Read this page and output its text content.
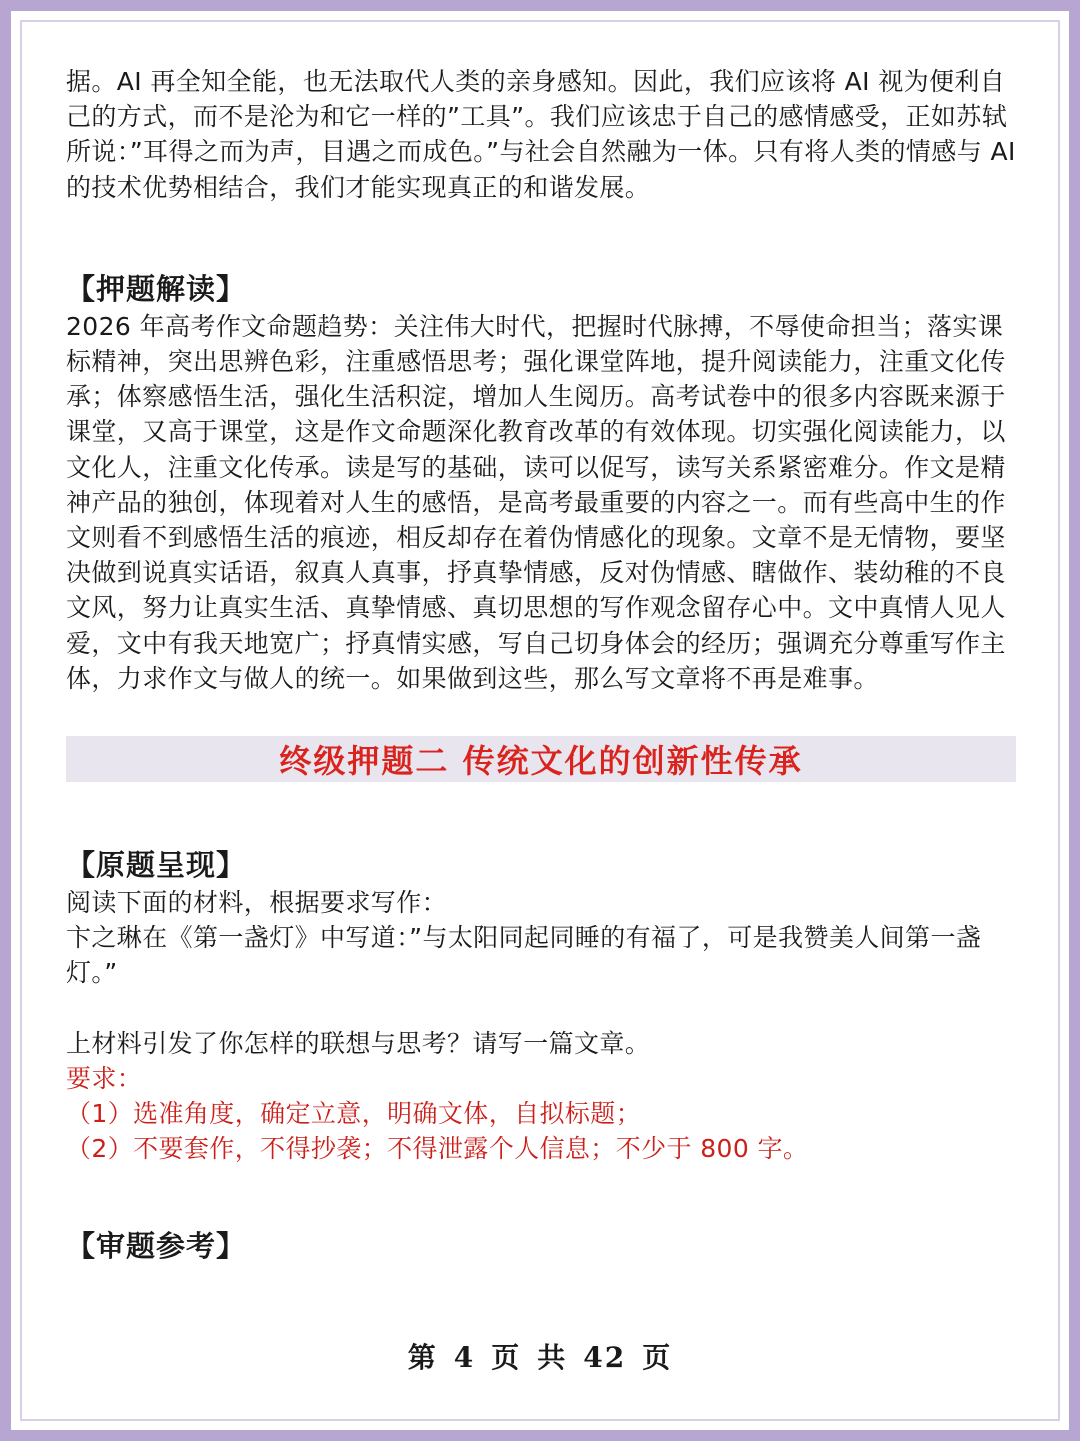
据。AI 再全知全能，也无法取代人类的亲身感知。因此，我们应该将 AI 视为便利自己的方式，而不是沦为和它一样的”工具”。我们应该忠于自己的感情感受，正如苏轼所说：”耳得之而为声，目遇之而成色。”与社会自然融为一体。只有将人类的情感与 AI 的技术优势相结合，我们才能实现真正的和谐发展。

【押题解读】

2026 年高考作文命题趋势：关注伟大时代，把握时代脉搏，不辱使命担当；落实课标精神，突出思辨色彩，注重感悟思考；强化课堂阵地，提升阅读能力，注重文化传承；体察感悟生活，强化生活积淀，增加人生阅历。高考试卷中的很多内容既来源于课堂，又高于课堂，这是作文命题深化教育改革的有效体现。切实强化阅读能力，以文化人，注重文化传承。读是写的基础，读可以促写，读写关系紧密难分。作文是精神产品的独创，体现着对人生的感悟，是高考最重要的内容之一。而有些高中生的作文则看不到感悟生活的痕迹，相反却存在着伪情感化的现象。文章不是无情物，要坚决做到说真实话语，叙真人真事，抒真挚情感，反对伪情感、瞎做作、装幼稚的不良文风，努力让真实生活、真挚情感、真切思想的写作观念留存心中。文中真情人见人爱，文中有我天地宽广；抒真情实感，写自己切身体会的经历；强调充分尊重写作主体，力求作文与做人的统一。如果做到这些，那么写文章将不再是难事。

终级押题二 传统文化的创新性传承
【原题呈现】

阅读下面的材料，根据要求写作：

卞之琳在《第一盏灯》中写道：”与太阳同起同睡的有福了，可是我赞美人间第一盏灯。”

上材料引发了你怎样的联想与思考？请写一篇文章。

要求：

（1）选准角度，确定立意，明确文体，自拟标题；

（2）不要套作，不得抄袭；不得泄露个人信息；不少于 800 字。

【审题参考】
第 4 页 共 42 页
